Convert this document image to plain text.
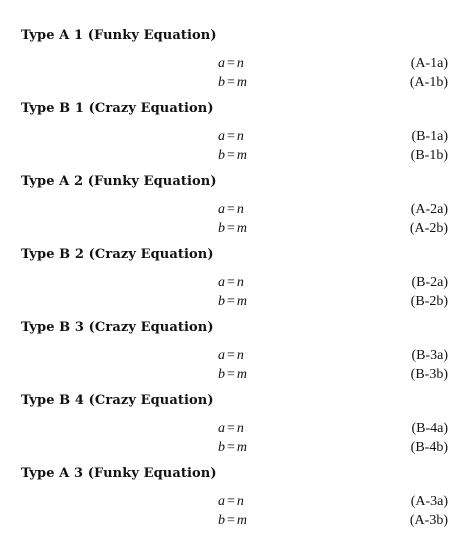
Type A 1 (Funky Equation)
a = n	(A-1a)
b = m	(A-1b)
Type B 1 (Crazy Equation)
a = n	(B-1a)
b = m	(B-1b)
Type A 2 (Funky Equation)
a = n	(A-2a)
b = m	(A-2b)
Type B 2 (Crazy Equation)
a = n	(B-2a)
b = m	(B-2b)
Type B 3 (Crazy Equation)
a = n	(B-3a)
b = m	(B-3b)
Type B 4 (Crazy Equation)
a = n	(B-4a)
b = m	(B-4b)
Type A 3 (Funky Equation)
a = n	(A-3a)
b = m	(A-3b)
